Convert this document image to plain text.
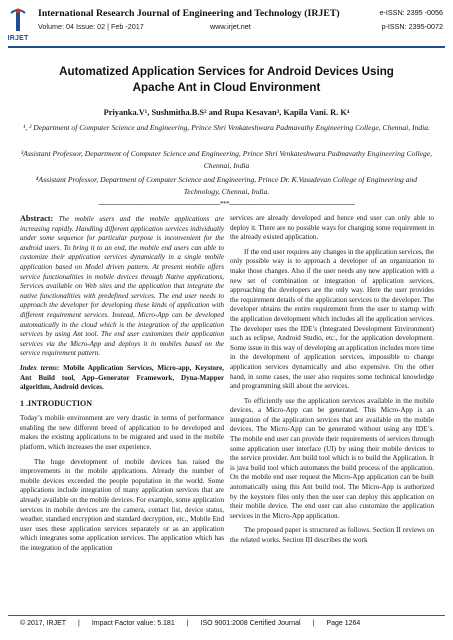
IRJET
International Research Journal of Engineering and Technology (IRJET)
Volume: 04 Issue: 02 | Feb -2017	www.irjet.net
e-ISSN: 2395 -0056
p-ISSN: 2395-0072
Automatized Application Services for Android Devices Using Apache Ant in Cloud Environment
Priyanka.V¹, Sushmitha.B.S² and Rupa Kesavan³, Kapila Vani. R. K⁴
¹, ² Department of Computer Science and Engineering, Prince Shri Venkateshwara Padmavathy Engineering College, Chennai, India.
³Assistant Professor, Department of Computer Science and Engineering, Prince Shri Venkateshwara Padmavathy Engineering College, Chennai, India
⁴Assistant Professor, Department of Computer Science and Engineering, Prince Dr. K.Vasudevan College of Engineering and Technology, Chennai, India.
---------------------------------------------------------------***-----------------------------------------------------------------

Abstract: The mobile users and the mobile applications are increasing rapidly. Handling different application services individually under some sequence for particular purpose is inconvenient for the android users. To bring it to an end, the mobile end users can able to customize their application services dynamically in a single mobile application based on Model driven pattern. At present mobile offers service functionalities in mobile devices through Native applications, Services available on Web sites and the application that integrate the native functionalities with predefined services. The end user needs to approach the developer for developing these kinds of application with different requirement services. Instead, Micro-App can be developed automatically in the cloud which is the integration of the application services by using Ant tool. The end user customizes their application services via the Micro-App and deploys it in mobiles based on the service requirement pattern.

Index terms: Mobile Application Services, Micro-app, Keystore, Ant Build tool, App–Generator Framework, Dyna-Mapper algorithm, Android devices.

1 .INTRODUCTION

Today’s mobile environment are very drastic in terms of performance enabling the new different breed of application to be developed and makes the existing applications to be migrated and used in the mobile platform, which increases the user experience.

The huge development of mobile devices has raised the improvements in the mobile applications. Already the number of mobile devices exceeded the people population in the world. Some applications include integration of many application services that are already available on the mobile devices. For example, some application services in mobile devices are the camera, contact list, device status, weather, standard encryption and standard decryption, etc., Mobile End user uses these application services separately or as an application which integrates some application services. The application which has the integration of the application

services are already developed and hence end user can only able to deploy it. There are no possible ways for changing some requirement in the already existed application.

If the end user requires any changes in the application services, the only possible way is to approach a developer of an organization to make those changes. Also if the user needs any new application with a new set of combination or integration of application services, approaching the developers are the only way. Here the user provides the requirement details of the application services to the developer. The developer obtains the entire requirement from the user to startup with the application development which includes all the application services. The developer uses the IDE’s (Integrated Development Environment) such as eclipse, Android Studio, etc., for the application development. Some issue in this way of developing an application includes more time in the development of application services, impossible to change application services dynamically and also expensive. On the other hand, in some cases, the user also requires some technical knowledge and programming skill about the services.

To efficiently use the application services available in the mobile devices, a Micro-App can be generated. This Micro-App is an integration of the application services that are available on the mobile devices. The Micro-App can be generated without using any IDE’s. The mobile end user can provide their requirements of services through some application user interface (UI) by using their mobile devices to the service provider. Ant build tool which is to build the Application. It is java build tool which automates the build process of the application. On the mobile end user request the Micro-App application can be built automatically using this Ant build tool. The Micro-App is authorized by the keystore files only then the user can deploy this application on their mobile device. The end user can also customize the application services in the Micro-App application.

The proposed paper is structured as follows. Section II reviews on the related works. Section III describes the work

© 2017, IRJET | Impact Factor value: 5.181 | ISO 9001:2008 Certified Journal | Page 1264
